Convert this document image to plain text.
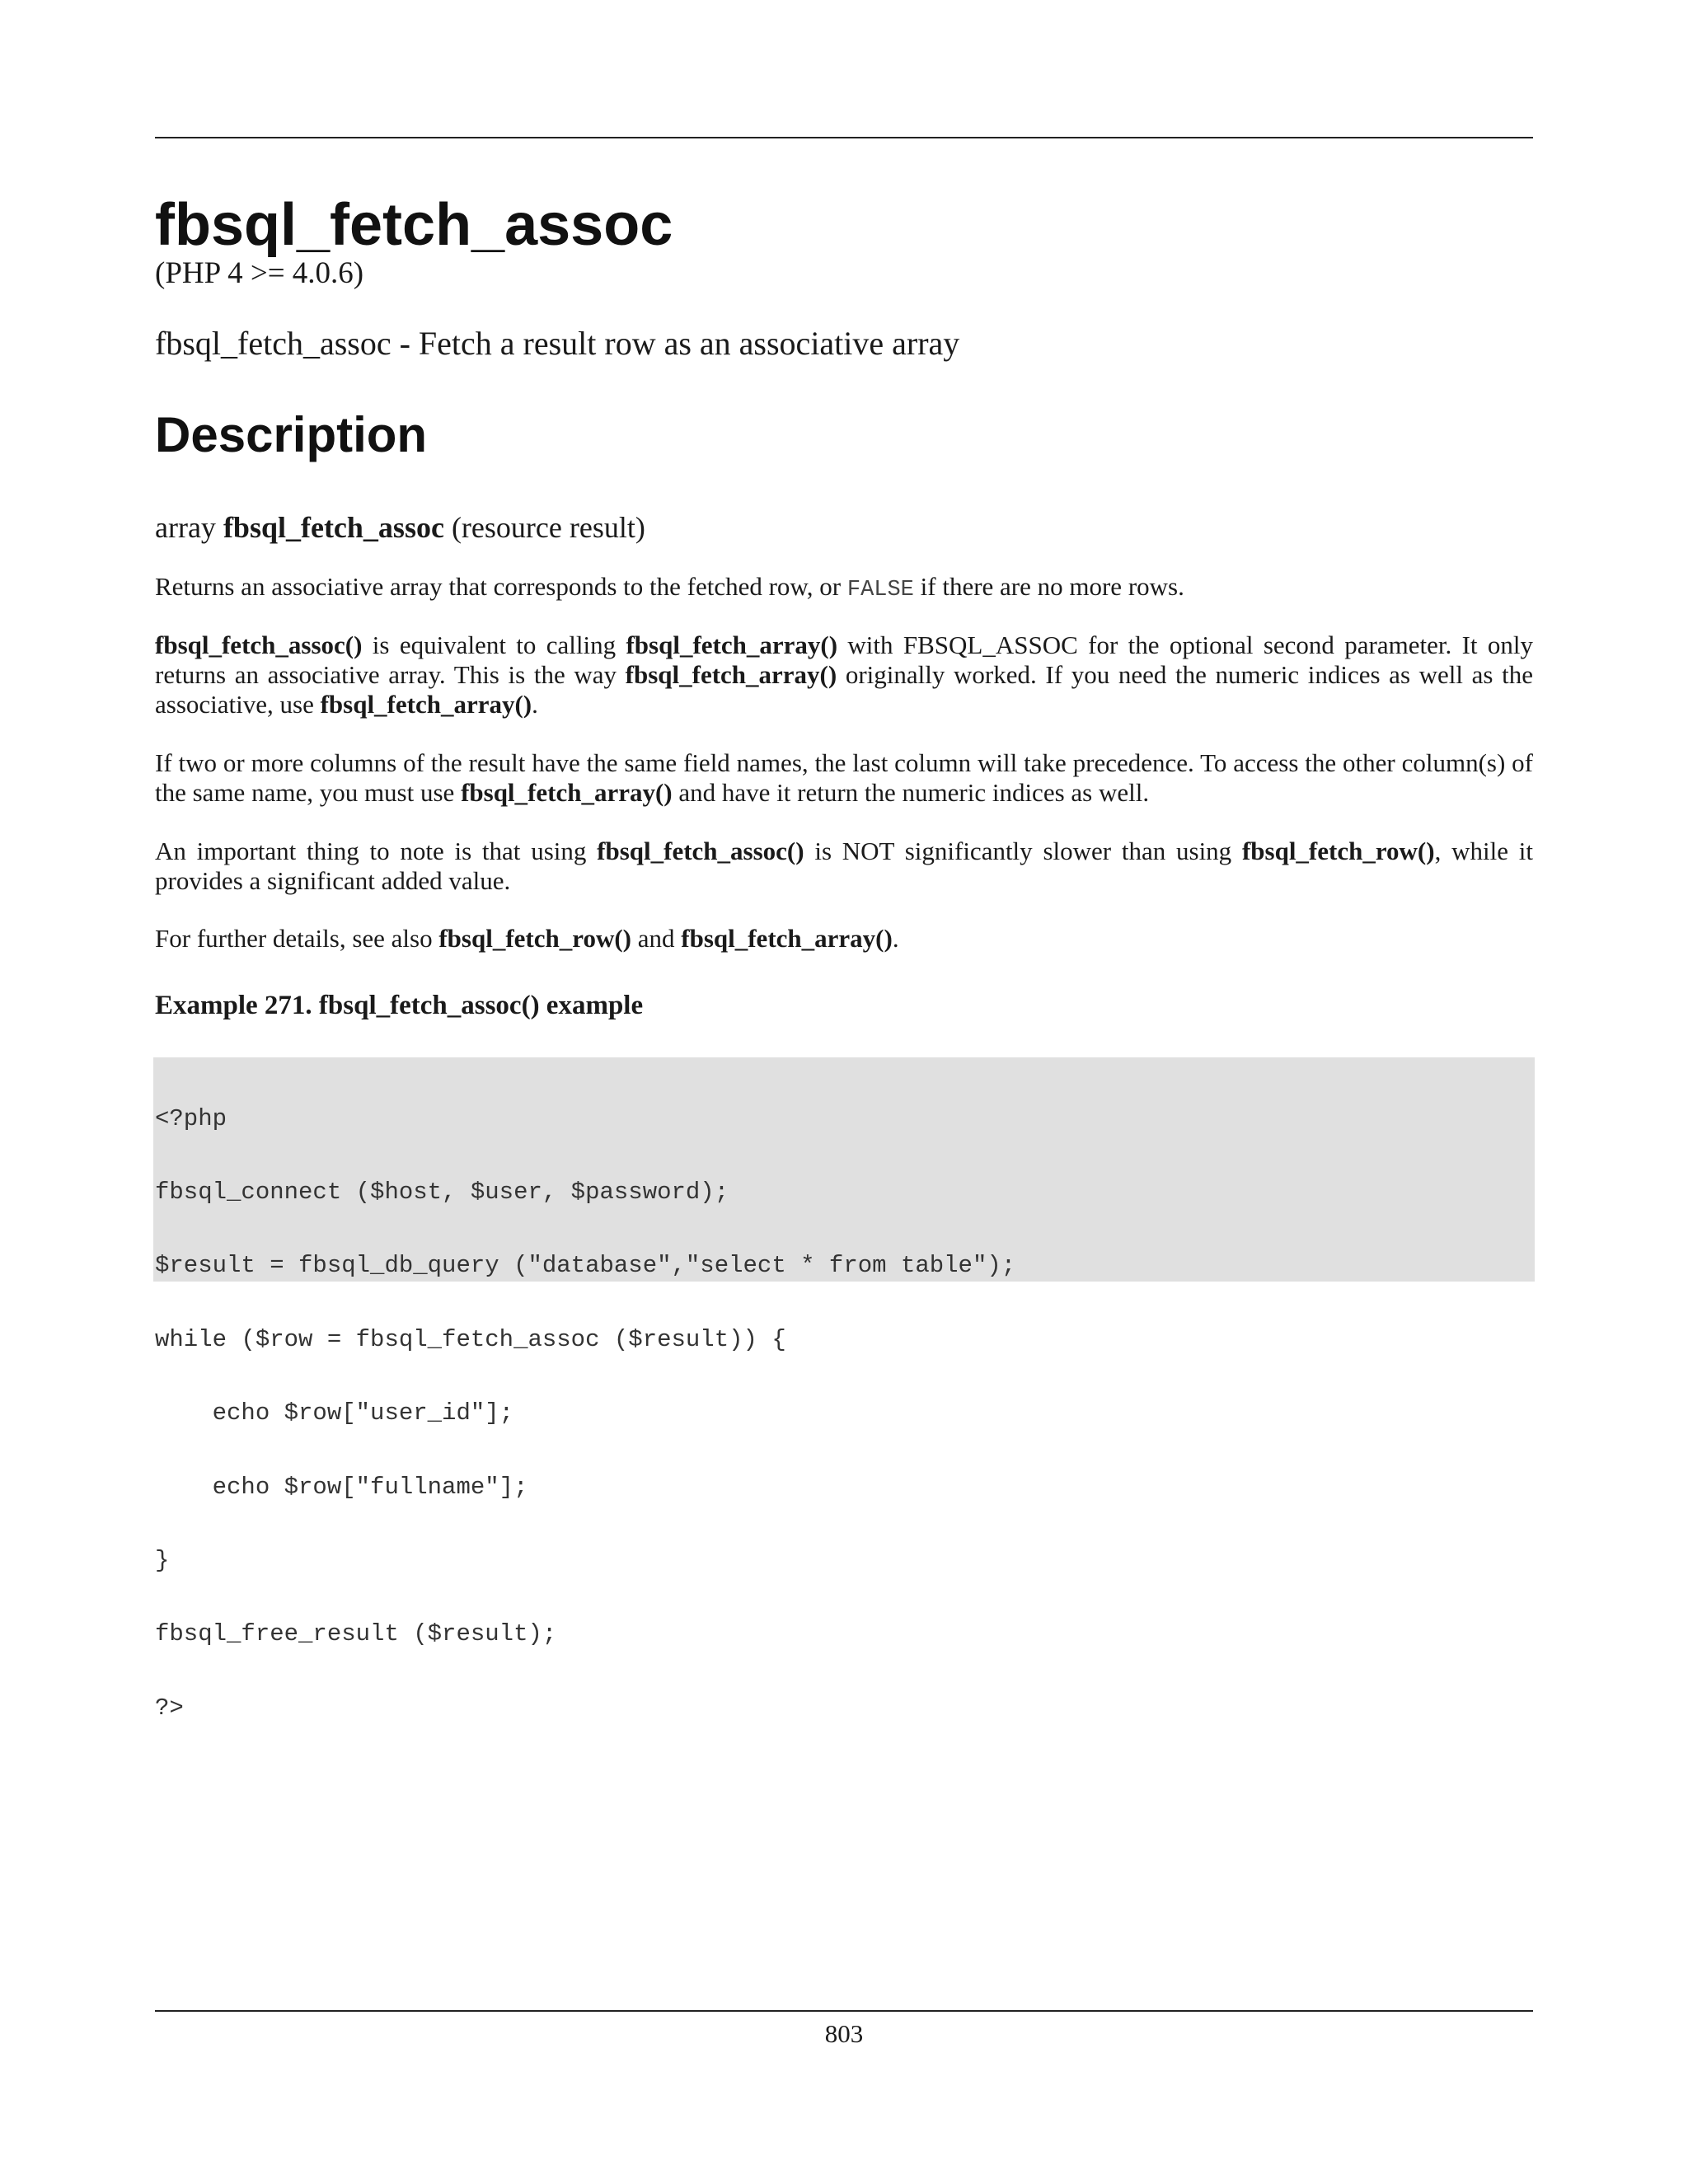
fbsql_fetch_assoc
(PHP 4 >= 4.0.6)
fbsql_fetch_assoc - Fetch a result row as an associative array
Description
array fbsql_fetch_assoc (resource result)

Returns an associative array that corresponds to the fetched row, or FALSE if there are no more rows.

fbsql_fetch_assoc() is equivalent to calling fbsql_fetch_array() with FBSQL_ASSOC for the optional second parameter. It only returns an associative array. This is the way fbsql_fetch_array() originally worked. If you need the numeric indices as well as the associative, use fbsql_fetch_array().

If two or more columns of the result have the same field names, the last column will take precedence. To access the other column(s) of the same name, you must use fbsql_fetch_array() and have it return the numeric indices as well.

An important thing to note is that using fbsql_fetch_assoc() is NOT significantly slower than using fbsql_fetch_row(), while it provides a significant added value.

For further details, see also fbsql_fetch_row() and fbsql_fetch_array().

Example 271. fbsql_fetch_assoc() example

<?php

fbsql_connect ($host, $user, $password);

$result = fbsql_db_query ("database","select * from table");

while ($row = fbsql_fetch_assoc ($result)) {

echo $row["user_id"];

echo $row["fullname"];

}

fbsql_free_result ($result);

?>

803
